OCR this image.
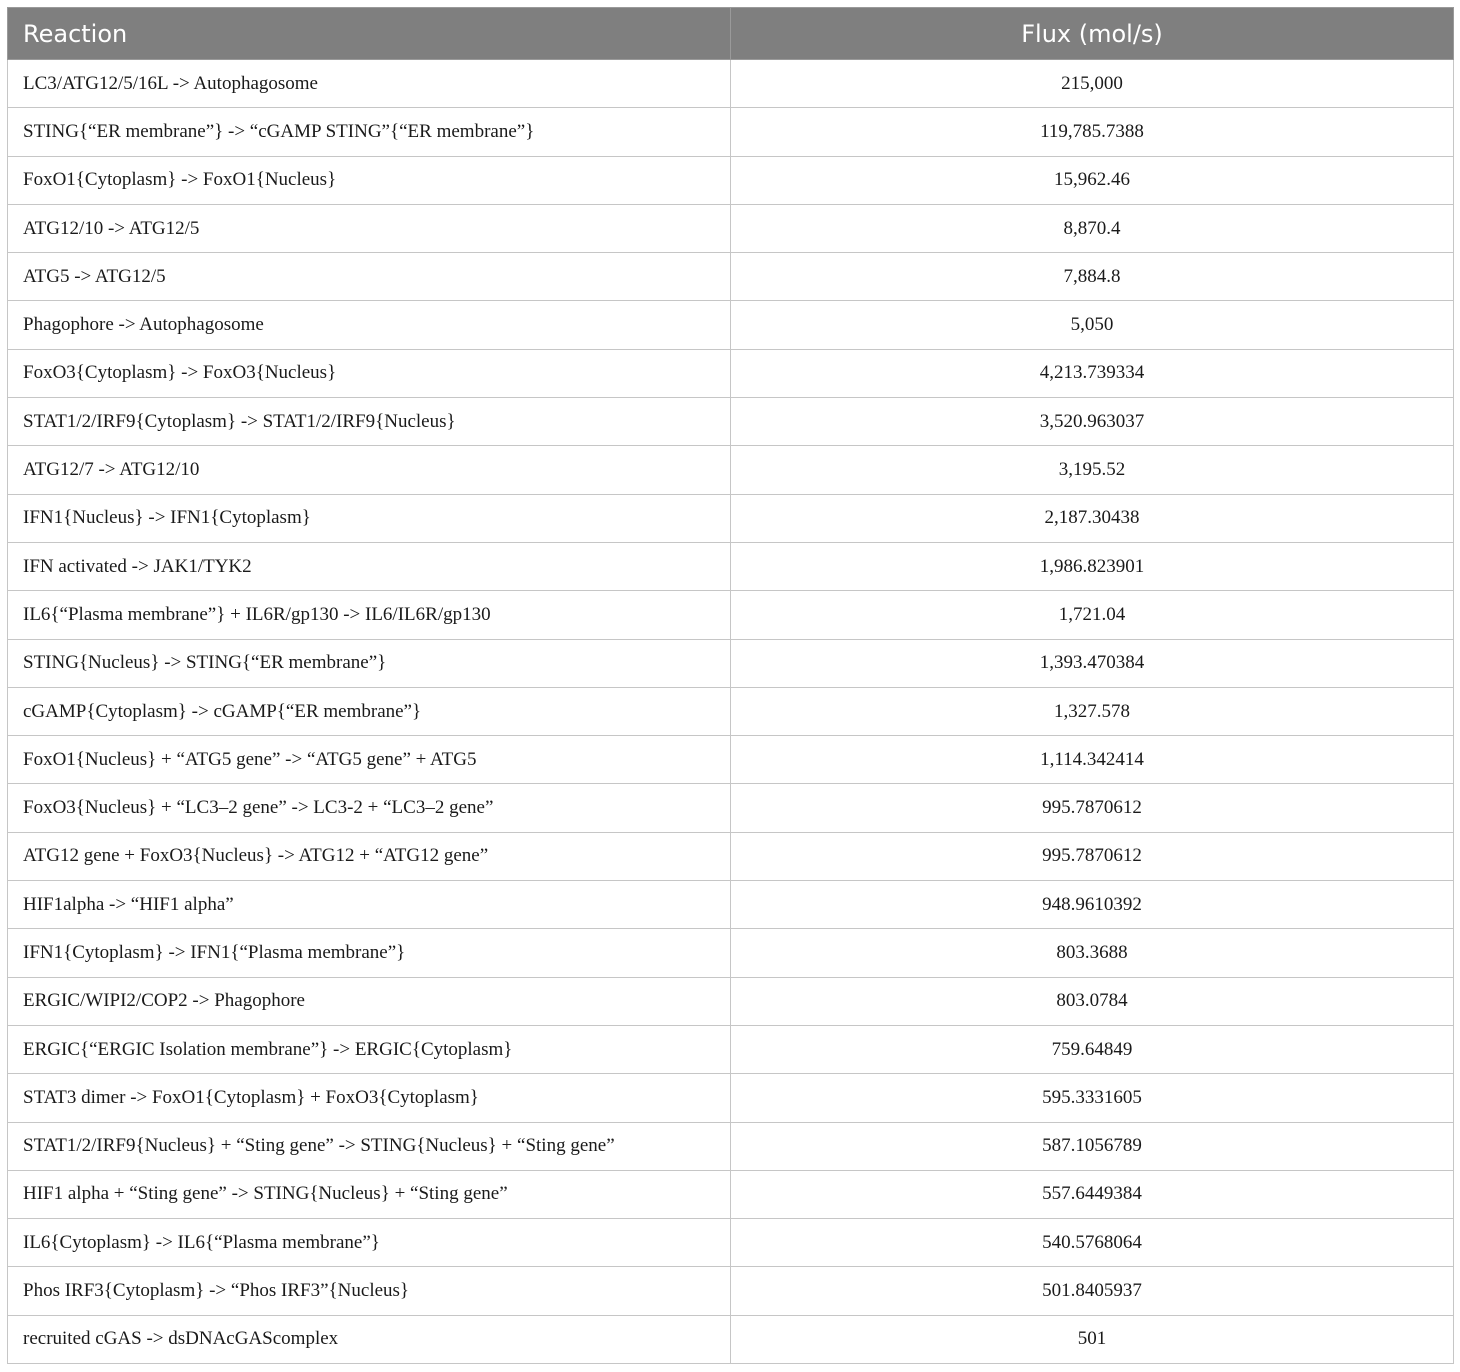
Reaction	Flux (mol/s)
LC3/ATG12/5/16L -> Autophagosome	215,000
STING{“ER membrane”} -> “cGAMP STING”{“ER membrane”}	119,785.7388
FoxO1{Cytoplasm} -> FoxO1{Nucleus}	15,962.46
ATG12/10 -> ATG12/5	8,870.4
ATG5 -> ATG12/5	7,884.8
Phagophore -> Autophagosome	5,050
FoxO3{Cytoplasm} -> FoxO3{Nucleus}	4,213.739334
STAT1/2/IRF9{Cytoplasm} -> STAT1/2/IRF9{Nucleus}	3,520.963037
ATG12/7 -> ATG12/10	3,195.52
IFN1{Nucleus} -> IFN1{Cytoplasm}	2,187.30438
IFN activated -> JAK1/TYK2	1,986.823901
IL6{“Plasma membrane”} + IL6R/gp130 -> IL6/IL6R/gp130	1,721.04
STING{Nucleus} -> STING{“ER membrane”}	1,393.470384
cGAMP{Cytoplasm} -> cGAMP{“ER membrane”}	1,327.578
FoxO1{Nucleus} + “ATG5 gene” -> “ATG5 gene” + ATG5	1,114.342414
FoxO3{Nucleus} + “LC3–2 gene” -> LC3-2 + “LC3–2 gene”	995.7870612
ATG12 gene + FoxO3{Nucleus} -> ATG12 + “ATG12 gene”	995.7870612
HIF1alpha -> “HIF1 alpha”	948.9610392
IFN1{Cytoplasm} -> IFN1{“Plasma membrane”}	803.3688
ERGIC/WIPI2/COP2 -> Phagophore	803.0784
ERGIC{“ERGIC Isolation membrane”} -> ERGIC{Cytoplasm}	759.64849
STAT3 dimer -> FoxO1{Cytoplasm} + FoxO3{Cytoplasm}	595.3331605
STAT1/2/IRF9{Nucleus} + “Sting gene” -> STING{Nucleus} + “Sting gene”	587.1056789
HIF1 alpha + “Sting gene” -> STING{Nucleus} + “Sting gene”	557.6449384
IL6{Cytoplasm} -> IL6{“Plasma membrane”}	540.5768064
Phos IRF3{Cytoplasm} -> “Phos IRF3”{Nucleus}	501.8405937
recruited cGAS -> dsDNAcGAScomplex	501
